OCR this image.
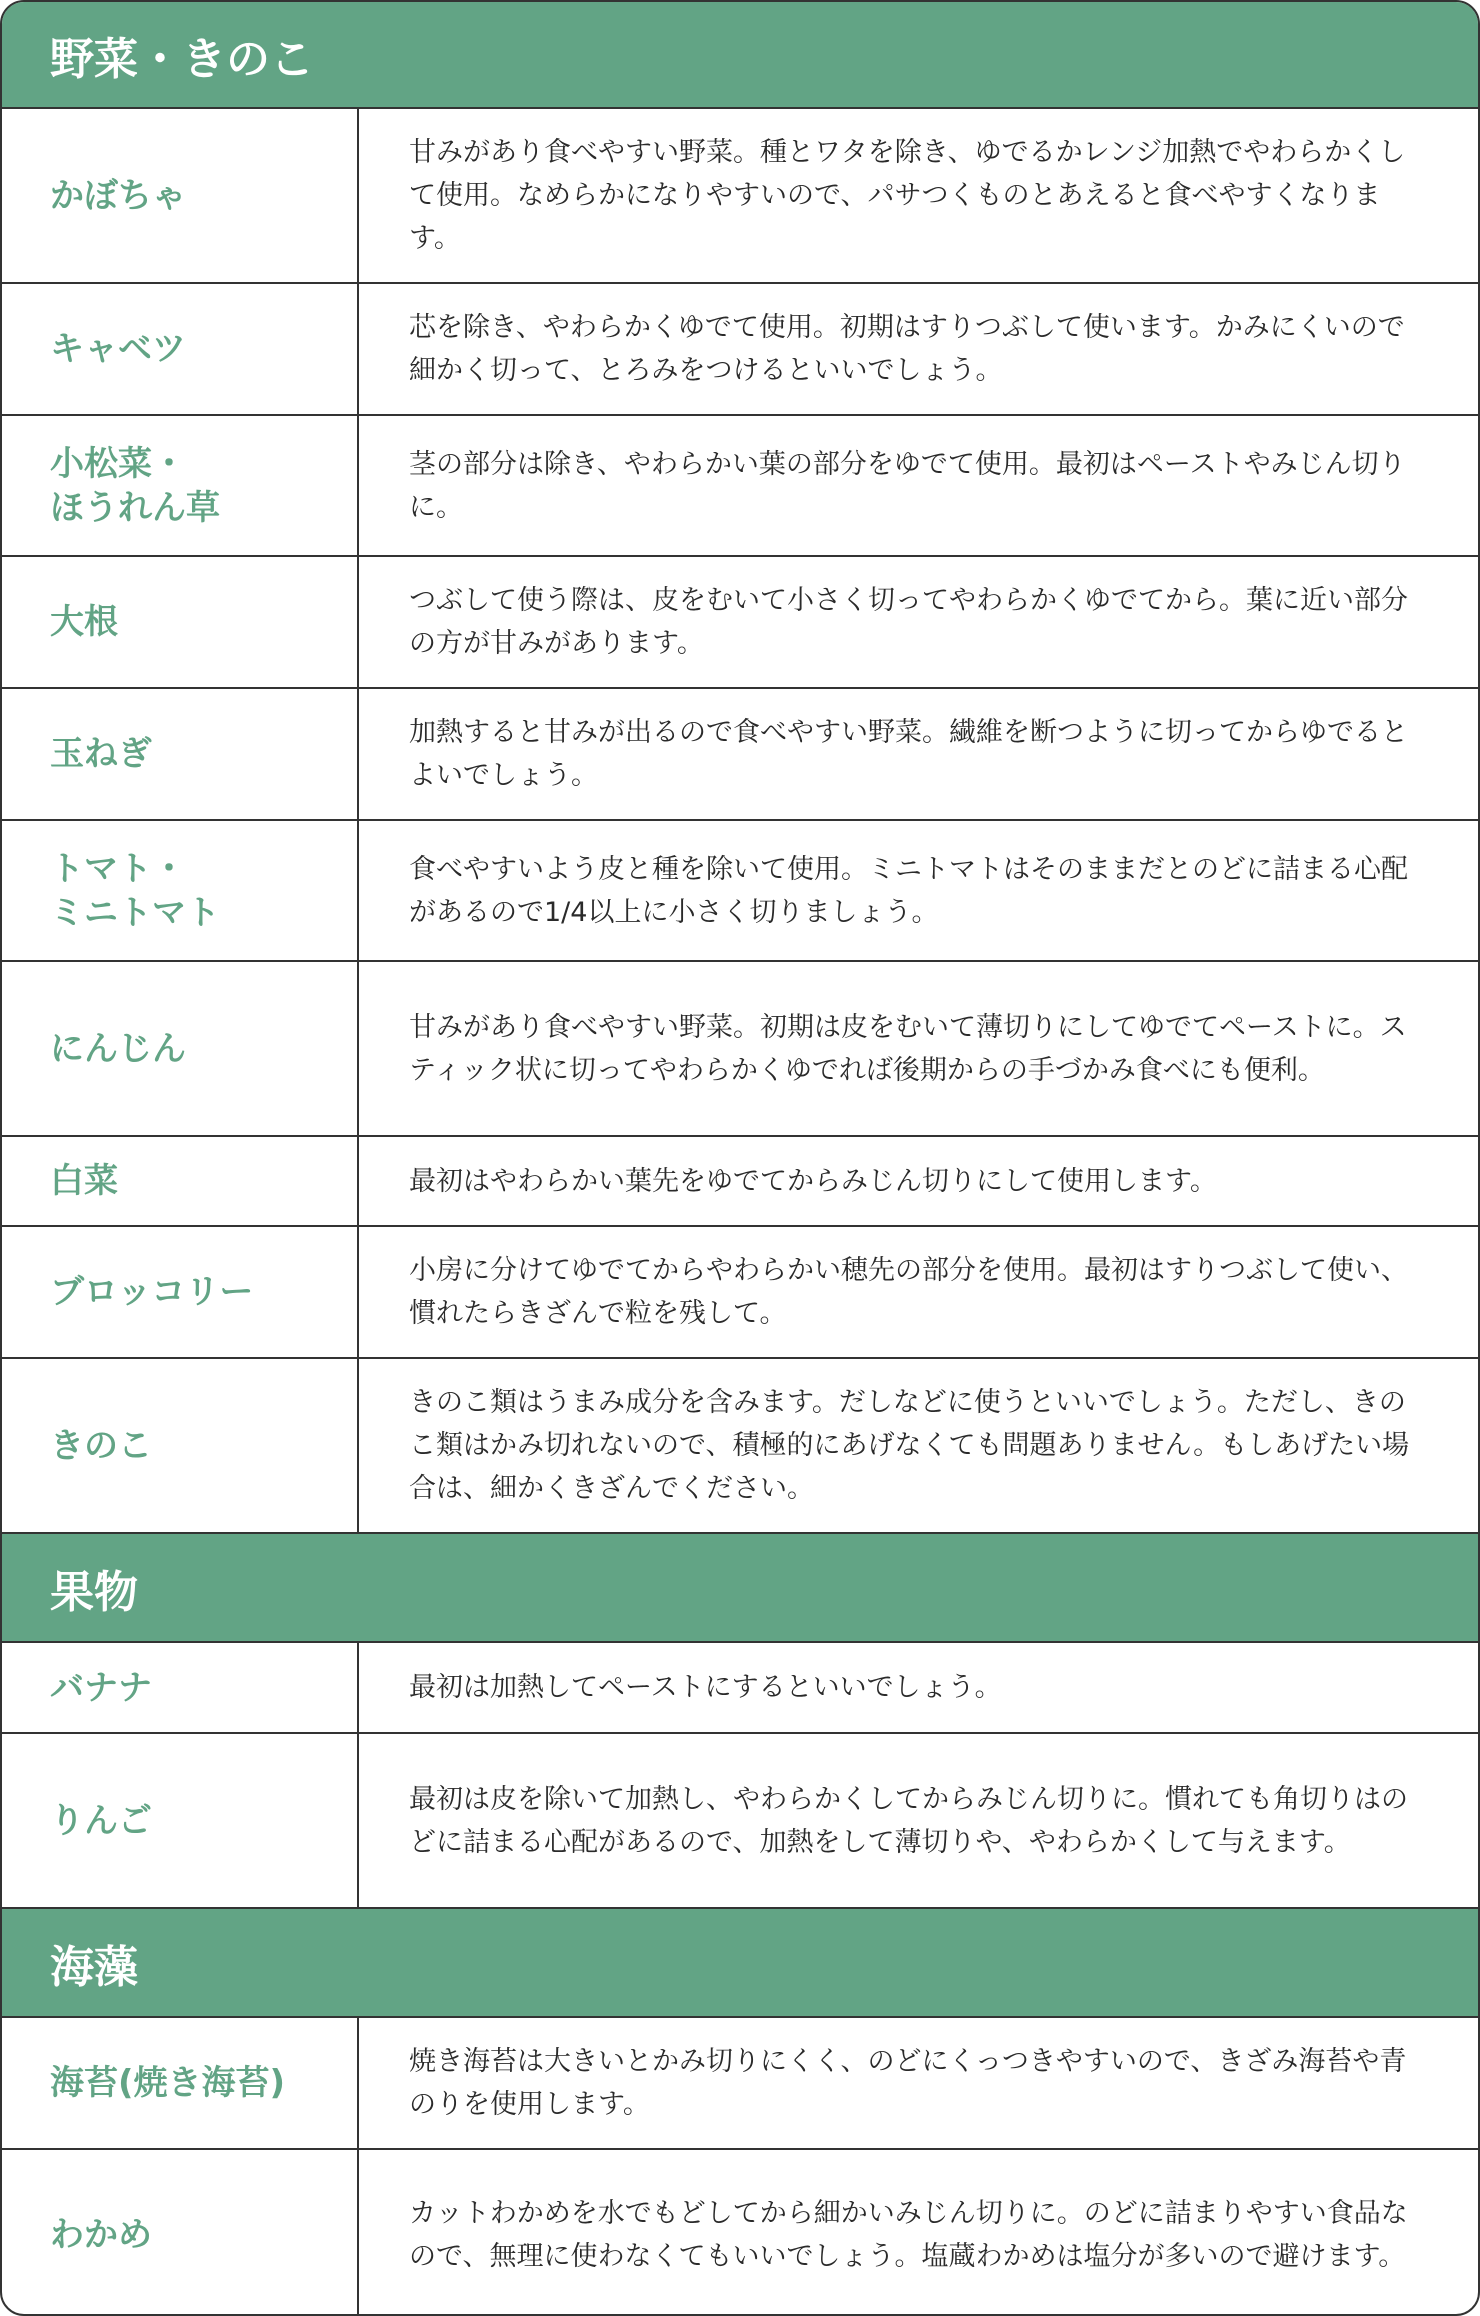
野菜・きのこ
かぼちゃ
甘みがあり食べやすい野菜。種とワタを除き、ゆでるかレンジ加熱でやわらかくして使用。なめらかになりやすいので、パサつくものとあえると食べやすくなります。
キャベツ
芯を除き、やわらかくゆでて使用。初期はすりつぶして使います。かみにくいので細かく切って、とろみをつけるといいでしょう。
小松菜・
ほうれん草
茎の部分は除き、やわらかい葉の部分をゆでて使用。最初はペーストやみじん切りに。
大根
つぶして使う際は、皮をむいて小さく切ってやわらかくゆでてから。葉に近い部分の方が甘みがあります。
玉ねぎ
加熱すると甘みが出るので食べやすい野菜。繊維を断つように切ってからゆでるとよいでしょう。
トマト・
ミニトマト
食べやすいよう皮と種を除いて使用。ミニトマトはそのままだとのどに詰まる心配があるので1/4以上に小さく切りましょう。
にんじん
甘みがあり食べやすい野菜。初期は皮をむいて薄切りにしてゆでてペーストに。スティック状に切ってやわらかくゆでれば後期からの手づかみ食べにも便利。
白菜	最初はやわらかい葉先をゆでてからみじん切りにして使用します。
ブロッコリー
小房に分けてゆでてからやわらかい穂先の部分を使用。最初はすりつぶして使い、慣れたらきざんで粒を残して。
きのこ
きのこ類はうまみ成分を含みます。だしなどに使うといいでしょう。ただし、きのこ類はかみ切れないので、積極的にあげなくても問題ありません。もしあげたい場合は、細かくきざんでください。
果物
バナナ	最初は加熱してペーストにするといいでしょう。
りんご
最初は皮を除いて加熱し、やわらかくしてからみじん切りに。慣れても角切りはのどに詰まる心配があるので、加熱をして薄切りや、やわらかくして与えます。
海藻
海苔(焼き海苔)
焼き海苔は大きいとかみ切りにくく、のどにくっつきやすいので、きざみ海苔や青のりを使用します。
わかめ
カットわかめを水でもどしてから細かいみじん切りに。のどに詰まりやすい食品なので、無理に使わなくてもいいでしょう。塩蔵わかめは塩分が多いので避けます。
